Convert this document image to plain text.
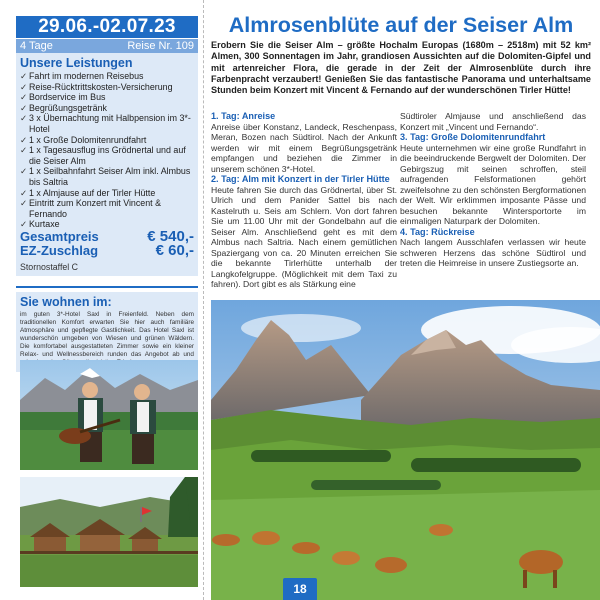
29.06.-02.07.23
4 Tage	Reise Nr. 109
Unsere Leistungen
✓ Fahrt im modernen Reisebus
✓ Reise-Rücktrittskosten-Versicherung
✓ Bordservice im Bus
✓ Begrüßungsgetränk
✓ 3 x Übernachtung mit Halbpension im 3*-Hotel
✓ 1 x Große Dolomitenrundfahrt
✓ 1 x Tagesausflug ins Grödnertal und auf die Seiser Alm
✓ 1 x Seilbahnfahrt Seiser Alm inkl. Almbus bis Saltria
✓ 1 x Almjause auf der Tirler Hütte
✓ Eintritt zum Konzert mit Vincent & Fernando
✓ Kurtaxe
Gesamtpreis	€ 540,-
EZ-Zuschlag	€ 60,-
Stornostaffel C
Sie wohnen im:

im guten 3*-Hotel Saxl in Freienfeld. Neben dem traditionellen Komfort erwarten Sie hier auch familiäre Atmosphäre und gepflegte Gastlichkeit. Das Hotel Saxl ist wunderschön umgeben von Wiesen und grünen Wäldern. Die komfortabel ausgestatteten Zimmer sowie ein kleiner Relax- und Wellnessbereich runden das Angebot ab und

Almrosenblüte auf der Seiser Alm

Erobern Sie die Seiser Alm – größte Hochalm Europas (1680m – 2518m) mit 52 km² Almen, 300 Sonnentagen im Jahr, grandiosen Aussichten auf die Dolomiten-Gipfel und mit artenreicher Flora, die gerade in der Zeit der Almrosenblüte durch ihre Farbenpracht verzaubert! Genießen Sie das fantastische Panorama und unterhaltsame Stunden beim Konzert mit Vincent & Fernando auf der wunderschönen Tirler Hütte!

1. Tag: Anreise

Anreise über Konstanz, Landeck, Reschenpass, Meran, Bozen nach Südtirol. Nach der Ankunft werden wir mit einem Begrüßungsgetränk empfangen und beziehen die Zimmer in unserem schönen 3*-Hotel.

2. Tag: Alm mit Konzert in der Tirler Hütte

Heute fahren Sie durch das Grödnertal, über St. Ulrich und dem Panider Sattel bis nach Kastelruth u. Seis am Schlern. Von dort fahren Sie um 11.00 Uhr mit der Gondelbahn auf die Seiser Alm. Anschließend geht es mit dem Almbus nach Saltria. Nach einem gemütlichen Spaziergang von ca. 20 Minuten erreichen Sie die bekannte Tirlerhütte unterhalb der Langkofelgruppe. (Möglichkeit mit dem Taxi zu fahren). Dort gibt es als Stärkung eine

Südtiroler Almjause und anschließend das Konzert mit „Vincent und Fernando“.

3. Tag: Große Dolomitenrundfahrt

Heute unternehmen wir eine große Rundfahrt in die beeindruckende Bergwelt der Dolomiten. Der Gebirgszug mit seinen schroffen, steil aufragenden Felsformationen gehört zweifelsohne zu den schönsten Bergformationen der Welt. Wir erklimmen imposante Pässe und besuchen bekannte Wintersportorte im einmaligen Naturpark der Dolomiten.

4. Tag: Rückreise

Nach langem Ausschlafen verlassen wir heute schweren Herzens das schöne Südtirol und treten die Heimreise in unsere Zustiegsorte an.

18
